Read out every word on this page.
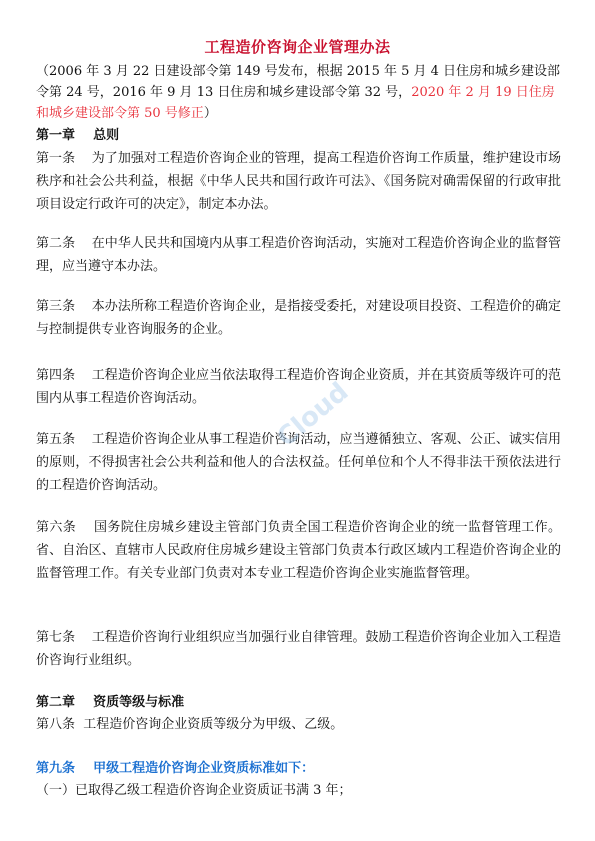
工程造价咨询企业管理办法
（2006 年 3 月 22 日建设部令第 149 号发布，根据 2015 年 5 月 4 日住房和城乡建设部令第 24 号，2016 年 9 月 13 日住房和城乡建设部令第 32 号，2020 年 2 月 19 日住房和城乡建设部令第 50 号修正）
第一章    总则
第一条    为了加强对工程造价咨询企业的管理，提高工程造价咨询工作质量，维护建设市场秩序和社会公共利益，根据《中华人民共和国行政许可法》、《国务院对确需保留的行政审批项目设定行政许可的决定》，制定本办法。
第二条    在中华人民共和国境内从事工程造价咨询活动，实施对工程造价咨询企业的监督管理，应当遵守本办法。
第三条    本办法所称工程造价咨询企业，是指接受委托，对建设项目投资、工程造价的确定与控制提供专业咨询服务的企业。
第四条    工程造价咨询企业应当依法取得工程造价咨询企业资质，并在其资质等级许可的范围内从事工程造价咨询活动。
第五条    工程造价咨询企业从事工程造价咨询活动，应当遵循独立、客观、公正、诚实信用的原则，不得损害社会公共利益和他人的合法权益。任何单位和个人不得非法干预依法进行的工程造价咨询活动。
第六条    国务院住房城乡建设主管部门负责全国工程造价咨询企业的统一监督管理工作。省、自治区、直辖市人民政府住房城乡建设主管部门负责本行政区域内工程造价咨询企业的监督管理工作。有关专业部门负责对本专业工程造价咨询企业实施监督管理。
第七条    工程造价咨询行业组织应当加强行业自律管理。鼓励工程造价咨询企业加入工程造价咨询行业组织。
第二章    资质等级与标准
第八条  工程造价咨询企业资质等级分为甲级、乙级。
第九条    甲级工程造价咨询企业资质标准如下：
（一）已取得乙级工程造价咨询企业资质证书满 3 年；
Cloud
